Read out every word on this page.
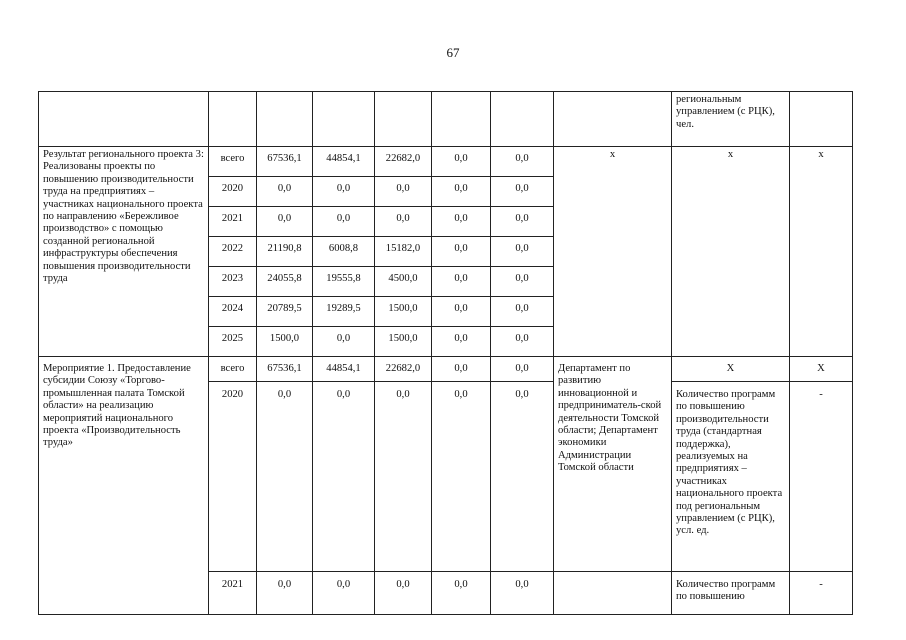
67
								региональным управлением (с РЦК), чел.	
Результат регионального проекта 3: Реализованы проекты по повышению производительности труда на предприятиях – участниках национального проекта по направлению «Бережливое производство» с помощью созданной региональной инфраструктуры обеспечения повышения производительности труда	всего	67536,1	44854,1	22682,0	0,0	0,0	х	х	х
	2020	0,0	0,0	0,0	0,0	0,0			
	2021	0,0	0,0	0,0	0,0	0,0			
	2022	21190,8	6008,8	15182,0	0,0	0,0			
	2023	24055,8	19555,8	4500,0	0,0	0,0			
	2024	20789,5	19289,5	1500,0	0,0	0,0			
	2025	1500,0	0,0	1500,0	0,0	0,0			
Мероприятие 1. Предоставление субсидии Союзу «Торгово-промышленная палата Томской области» на реализацию мероприятий национального проекта «Производительность труда»	всего	67536,1	44854,1	22682,0	0,0	0,0	Департамент по развитию инновационной и предприниматель-ской деятельности Томской области; Департамент экономики Администрации Томской области	Х	Х
	2020	0,0	0,0	0,0	0,0	0,0		Количество программ по повышению производительности труда (стандартная поддержка), реализуемых на предприятиях – участниках национального проекта под региональным управлением (с РЦК), усл. ед.	-
	2021	0,0	0,0	0,0	0,0	0,0		Количество программ по повышению	-
